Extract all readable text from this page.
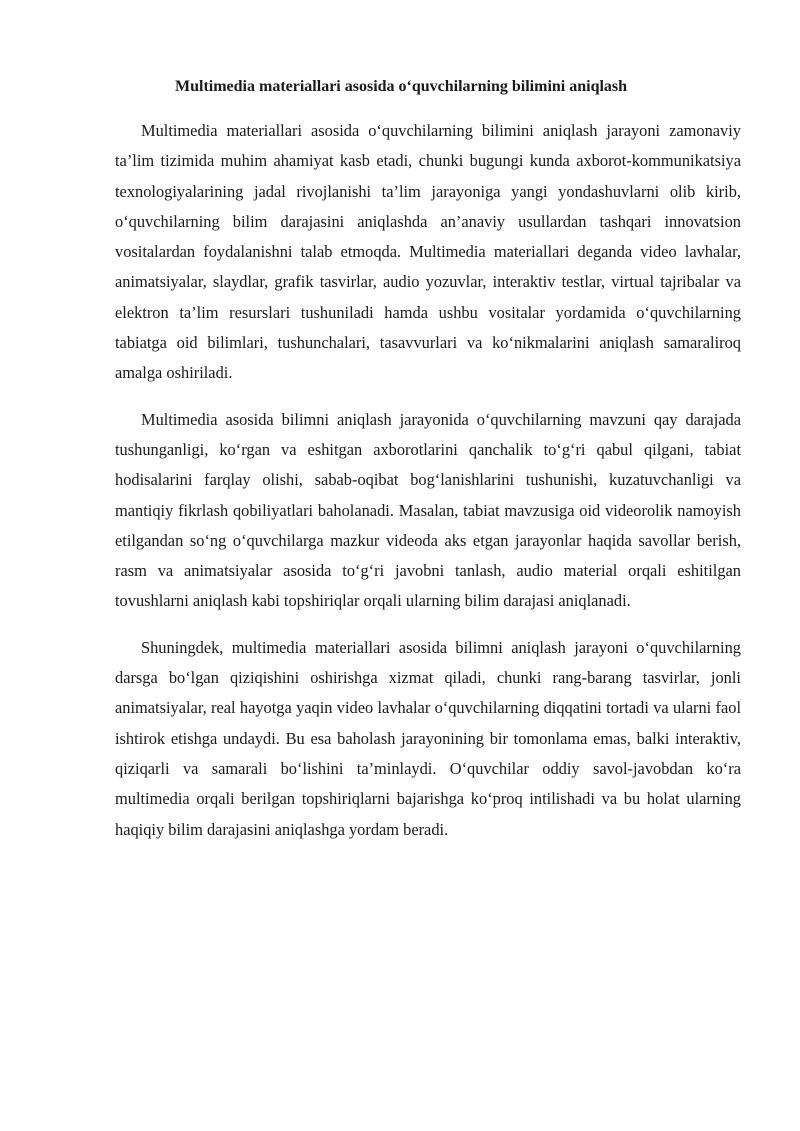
Multimedia materiallari asosida o‘quvchilarning bilimini aniqlash

Multimedia materiallari asosida o‘quvchilarning bilimini aniqlash jarayoni zamonaviy ta’lim tizimida muhim ahamiyat kasb etadi, chunki bugungi kunda axborot-kommunikatsiya texnologiyalarining jadal rivojlanishi ta’lim jarayoniga yangi yondashuvlarni olib kirib, o‘quvchilarning bilim darajasini aniqlashda an’anaviy usullardan tashqari innovatsion vositalardan foydalanishni talab etmoqda. Multimedia materiallari deganda video lavhalar, animatsiyalar, slaydlar, grafik tasvirlar, audio yozuvlar, interaktiv testlar, virtual tajribalar va elektron ta’lim resurslari tushuniladi hamda ushbu vositalar yordamida o‘quvchilarning tabiatga oid bilimlari, tushunchalari, tasavvurlari va ko‘nikmalarini aniqlash samaraliroq amalga oshiriladi.

Multimedia asosida bilimni aniqlash jarayonida o‘quvchilarning mavzuni qay darajada tushunganligi, ko‘rgan va eshitgan axborotlarini qanchalik to‘g‘ri qabul qilgani, tabiat hodisalarini farqlay olishi, sabab-oqibat bog‘lanishlarini tushunishi, kuzatuvchanligi va mantiqiy fikrlash qobiliyatlari baholanadi. Masalan, tabiat mavzusiga oid videorolik namoyish etilgandan so‘ng o‘quvchilarga mazkur videoda aks etgan jarayonlar haqida savollar berish, rasm va animatsiyalar asosida to‘g‘ri javobni tanlash, audio material orqali eshitilgan tovushlarni aniqlash kabi topshiriqlar orqali ularning bilim darajasi aniqlanadi.

Shuningdek, multimedia materiallari asosida bilimni aniqlash jarayoni o‘quvchilarning darsga bo‘lgan qiziqishini oshirishga xizmat qiladi, chunki rang-barang tasvirlar, jonli animatsiyalar, real hayotga yaqin video lavhalar o‘quvchilarning diqqatini tortadi va ularni faol ishtirok etishga undaydi. Bu esa baholash jarayonining bir tomonlama emas, balki interaktiv, qiziqarli va samarali bo‘lishini ta’minlaydi. O‘quvchilar oddiy savol-javobdan ko‘ra multimedia orqali berilgan topshiriqlarni bajarishga ko‘proq intilishadi va bu holat ularning haqiqiy bilim darajasini aniqlashga yordam beradi.
